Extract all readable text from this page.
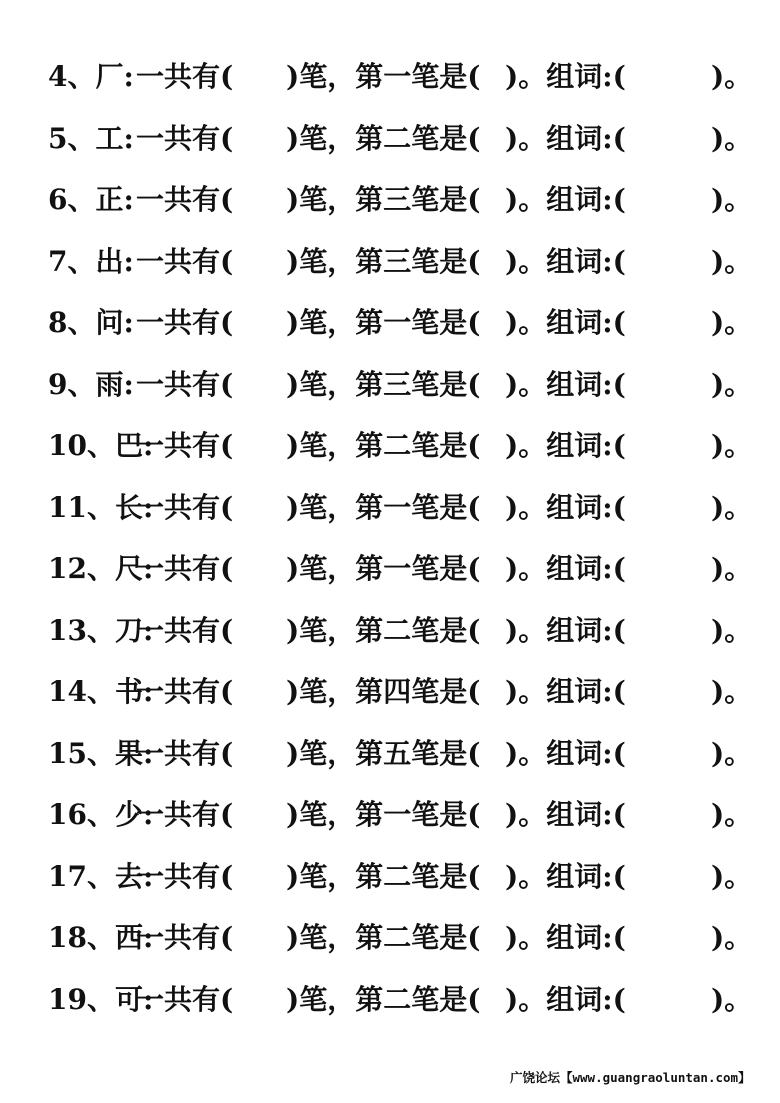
4、厂: 一共有( )笔，第一笔是( )。组词:(	)。
5、工: 一共有( )笔，第二笔是( )。组词:(	)。
6、正: 一共有( )笔，第三笔是( )。组词:(	)。
7、出: 一共有( )笔，第三笔是( )。组词:(	)。
8、问: 一共有( )笔，第一笔是( )。组词:(	)。
9、雨: 一共有( )笔，第三笔是( )。组词:(	)。
10、巴:
一共有( )笔，第二笔是( )。组词:(	)。
11、长:
一共有( )笔，第一笔是( )。组词:(	)。
12、尺:
一共有( )笔，第一笔是( )。组词:(	)。
13、刀:
一共有( )笔，第二笔是( )。组词:(	)。
14、书:
一共有( )笔，第四笔是( )。组词:(	)。
15、果:
一共有( )笔，第五笔是( )。组词:(	)。
16、少:
一共有( )笔，第一笔是( )。组词:(	)。
17、去:
一共有( )笔，第二笔是( )。组词:(	)。
18、西:
一共有( )笔，第二笔是( )。组词:(	)。
19、可:
一共有( )笔，第二笔是( )。组词:(	)。
广饶论坛【www.guangraoluntan.com】
